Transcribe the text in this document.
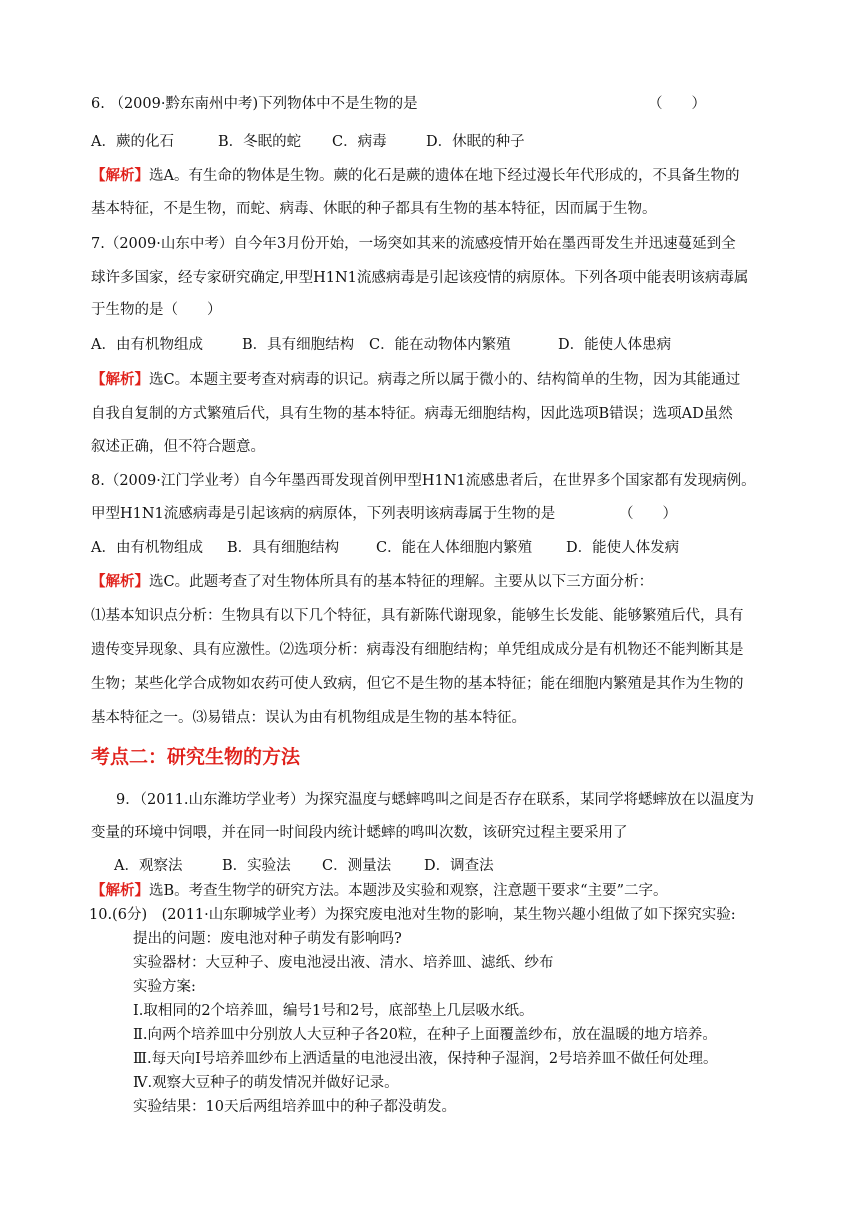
6. （2009·黔东南州中考)下列物体中不是生物的是	（　　）
A．蕨的化石	B．冬眠的蛇 C．病毒	D．休眠的种子
【解析】选A。有生命的物体是生物。蕨的化石是蕨的遗体在地下经过漫长年代形成的，不具备生物的
基本特征，不是生物，而蛇、病毒、休眠的种子都具有生物的基本特征，因而属于生物。
7.（2009·山东中考）自今年3月份开始，一场突如其来的流感疫情开始在墨西哥发生并迅速蔓延到全
球许多国家，经专家研究确定,甲型H1N1流感病毒是引起该疫情的病原体。下列各项中能表明该病毒属
于生物的是（　　）
A．由有机物组成	B．具有细胞结构 C．能在动物体内繁殖	D．能使人体患病
【解析】选C。本题主要考查对病毒的识记。病毒之所以属于微小的、结构简单的生物，因为其能通过
自我自复制的方式繁殖后代，具有生物的基本特征。病毒无细胞结构，因此选项B错误；选项AD虽然
叙述正确，但不符合题意。
8.（2009·江门学业考）自今年墨西哥发现首例甲型H1N1流感患者后，在世界多个国家都有发现病例。
甲型H1N1流感病毒是引起该病的病原体，下列表明该病毒属于生物的是	（　　）
A．由有机物组成 B．具有细胞结构	C．能在人体细胞内繁殖 D．能使人体发病
【解析】选C。此题考查了对生物体所具有的基本特征的理解。主要从以下三方面分析：
⑴基本知识点分析：生物具有以下几个特征，具有新陈代谢现象，能够生长发能、能够繁殖后代，具有
遗传变异现象、具有应激性。⑵选项分析：病毒没有细胞结构；单凭组成成分是有机物还不能判断其是
生物；某些化学合成物如农药可使人致病，但它不是生物的基本特征；能在细胞内繁殖是其作为生物的
基本特征之一。⑶易错点：误认为由有机物组成是生物的基本特征。
考点二：研究生物的方法
9．（2011.山东潍坊学业考）为探究温度与蟋蟀鸣叫之间是否存在联系，某同学将蟋蟀放在以温度为
变量的环境中饲喂，并在同一时间段内统计蟋蟀的鸣叫次数，该研究过程主要采用了
A．观察法	B．实验法 C．测量法 D．调查法
【解析】选B。考查生物学的研究方法。本题涉及实验和观察，注意题干要求“主要”二字。
10.(6分)　(2011·山东聊城学业考）为探究废电池对生物的影响，某生物兴趣小组做了如下探究实验:
提出的问题：废电池对种子萌发有影响吗?
实验器材：大豆种子、废电池浸出液、清水、培养皿、滤纸、纱布
实验方案:
Ⅰ.取相同的2个培养皿，编号1号和2号，底部垫上几层吸水纸。
Ⅱ.向两个培养皿中分别放人大豆种子各20粒，在种子上面覆盖纱布，放在温暖的地方培养。
Ⅲ.每天向Ⅰ号培养皿纱布上洒适量的电池浸出液，保持种子湿润，2号培养皿不做任何处理。
Ⅳ.观察大豆种子的萌发情况并做好记录。
实验结果：10天后两组培养皿中的种子都没萌发。
